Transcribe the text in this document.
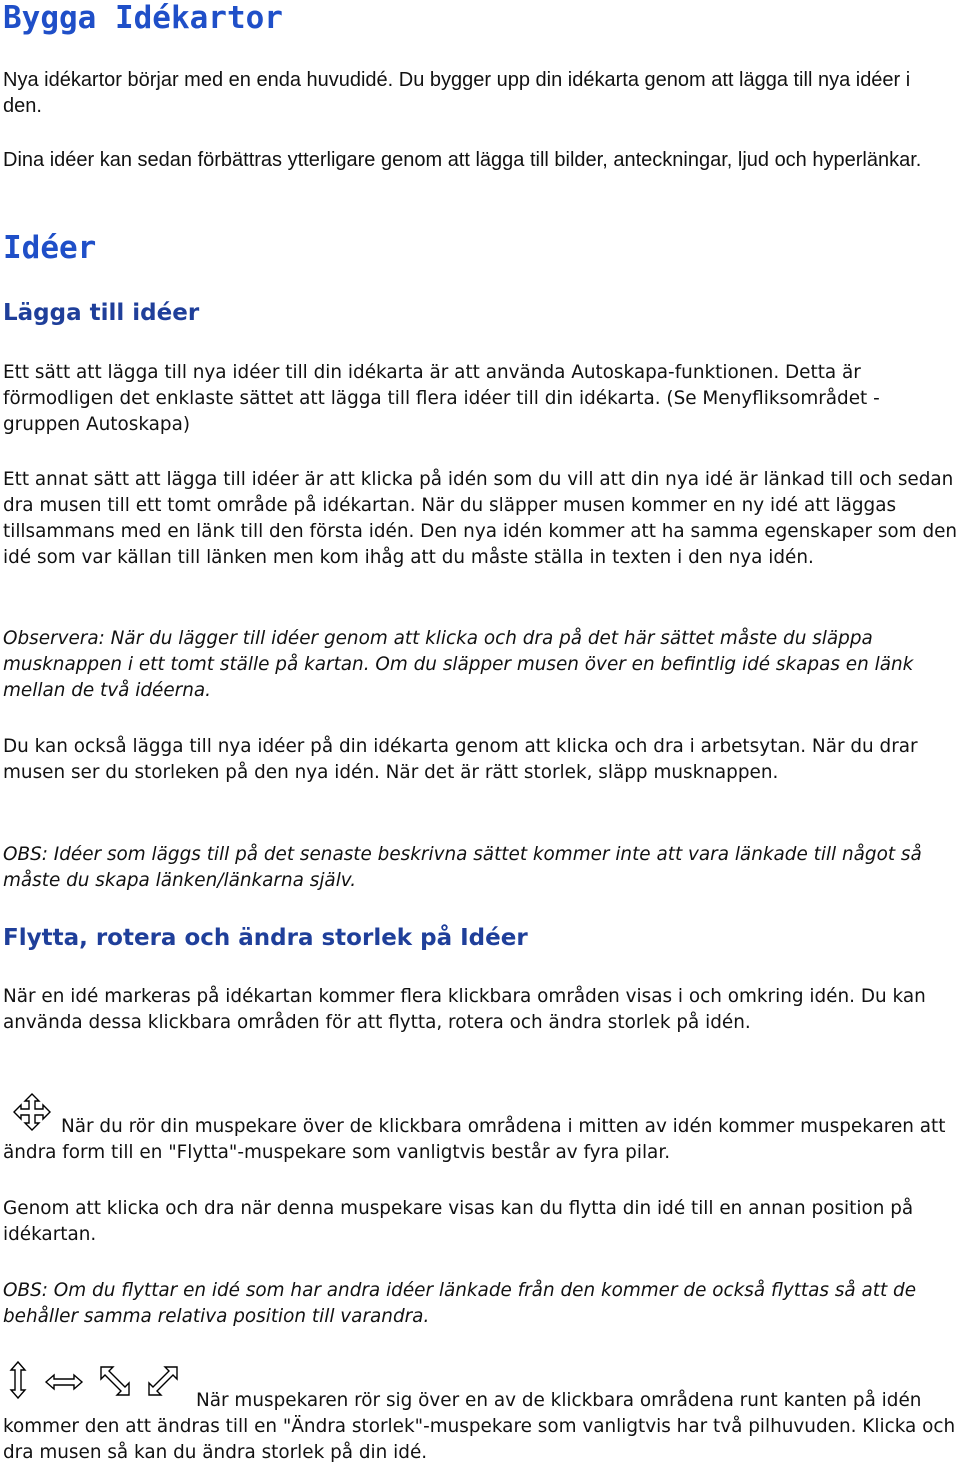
Bygga Idékartor

Nya idékartor börjar med en enda huvudidé. Du bygger upp din idékarta genom att lägga till nya idéer i den.

Dina idéer kan sedan förbättras ytterligare genom att lägga till bilder, anteckningar, ljud och hyperlänkar.

Idéer
Lägga till idéer

Ett sätt att lägga till nya idéer till din idékarta är att använda Autoskapa-funktionen. Detta är förmodligen det enklaste sättet att lägga till flera idéer till din idékarta. (Se Menyfliksområdet - gruppen Autoskapa)

Ett annat sätt att lägga till idéer är att klicka på idén som du vill att din nya idé är länkad till och sedan dra musen till ett tomt område på idékartan. När du släpper musen kommer en ny idé att läggas tillsammans med en länk till den första idén. Den nya idén kommer att ha samma egenskaper som den idé som var källan till länken men kom ihåg att du måste ställa in texten i den nya idén.

Observera: När du lägger till idéer genom att klicka och dra på det här sättet måste du släppa musknappen i ett tomt ställe på kartan. Om du släpper musen över en befintlig idé skapas en länk mellan de två idéerna.

Du kan också lägga till nya idéer på din idékarta genom att klicka och dra i arbetsytan. När du drar musen ser du storleken på den nya idén. När det är rätt storlek, släpp musknappen.

OBS: Idéer som läggs till på det senaste beskrivna sättet kommer inte att vara länkade till något så måste du skapa länken/länkarna själv.

Flytta, rotera och ändra storlek på Idéer

När en idé markeras på idékartan kommer flera klickbara områden visas i och omkring idén. Du kan använda dessa klickbara områden för att flytta, rotera och ändra storlek på idén.

När du rör din muspekare över de klickbara områdena i mitten av idén kommer muspekaren att ändra form till en "Flytta"-muspekare som vanligtvis består av fyra pilar.

Genom att klicka och dra när denna muspekare visas kan du flytta din idé till en annan position på idékartan.

OBS: Om du flyttar en idé som har andra idéer länkade från den kommer de också flyttas så att de behåller samma relativa position till varandra.

När muspekaren rör sig över en av de klickbara områdena runt kanten på idén kommer den att ändras till en "Ändra storlek"-muspekare som vanligtvis har två pilhuvuden. Klicka och dra musen så kan du ändra storlek på din idé.
